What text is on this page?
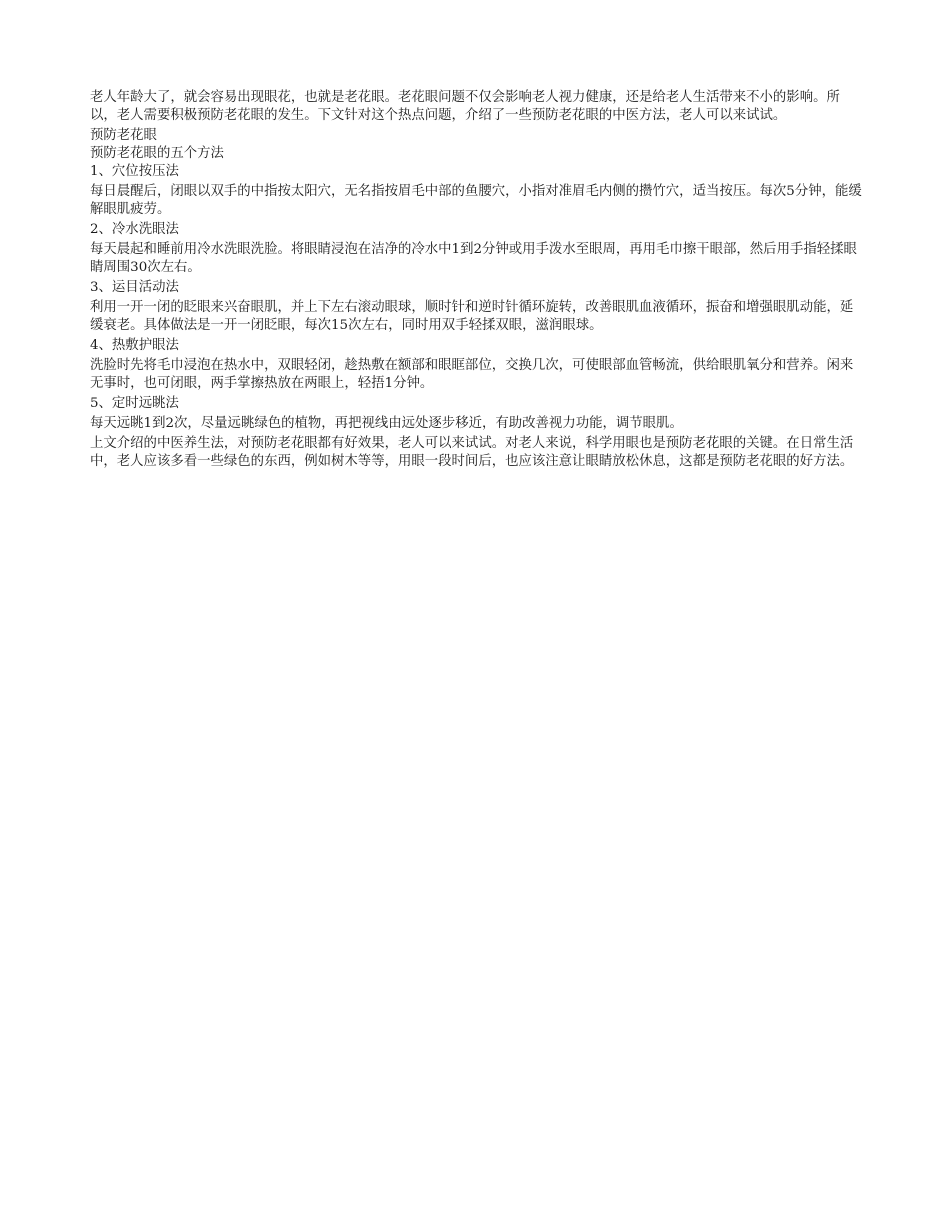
老人年龄大了，就会容易出现眼花，也就是老花眼。老花眼问题不仅会影响老人视力健康，还是给老人生活带来不小的影响。所以，老人需要积极预防老花眼的发生。下文针对这个热点问题，介绍了一些预防老花眼的中医方法，老人可以来试试。

预防老花眼

预防老花眼的五个方法

1、穴位按压法

每日晨醒后，闭眼以双手的中指按太阳穴，无名指按眉毛中部的鱼腰穴，小指对准眉毛内侧的攒竹穴，适当按压。每次5分钟，能缓解眼肌疲劳。

2、冷水洗眼法

每天晨起和睡前用冷水洗眼洗脸。将眼睛浸泡在洁净的冷水中1到2分钟或用手泼水至眼周，再用毛巾擦干眼部，然后用手指轻揉眼睛周围30次左右。

3、运目活动法

利用一开一闭的眨眼来兴奋眼肌，并上下左右滚动眼球，顺时针和逆时针循环旋转，改善眼肌血液循环，振奋和增强眼肌动能，延缓衰老。具体做法是一开一闭眨眼，每次15次左右，同时用双手轻揉双眼，滋润眼球。

4、热敷护眼法

洗脸时先将毛巾浸泡在热水中，双眼轻闭，趁热敷在额部和眼眶部位，交换几次，可使眼部血管畅流，供给眼肌氧分和营养。闲来无事时，也可闭眼，两手掌擦热放在两眼上，轻捂1分钟。

5、定时远眺法

每天远眺1到2次，尽量远眺绿色的植物，再把视线由远处逐步移近，有助改善视力功能，调节眼肌。

上文介绍的中医养生法，对预防老花眼都有好效果，老人可以来试试。对老人来说，科学用眼也是预防老花眼的关键。在日常生活中，老人应该多看一些绿色的东西，例如树木等等，用眼一段时间后，也应该注意让眼睛放松休息，这都是预防老花眼的好方法。
